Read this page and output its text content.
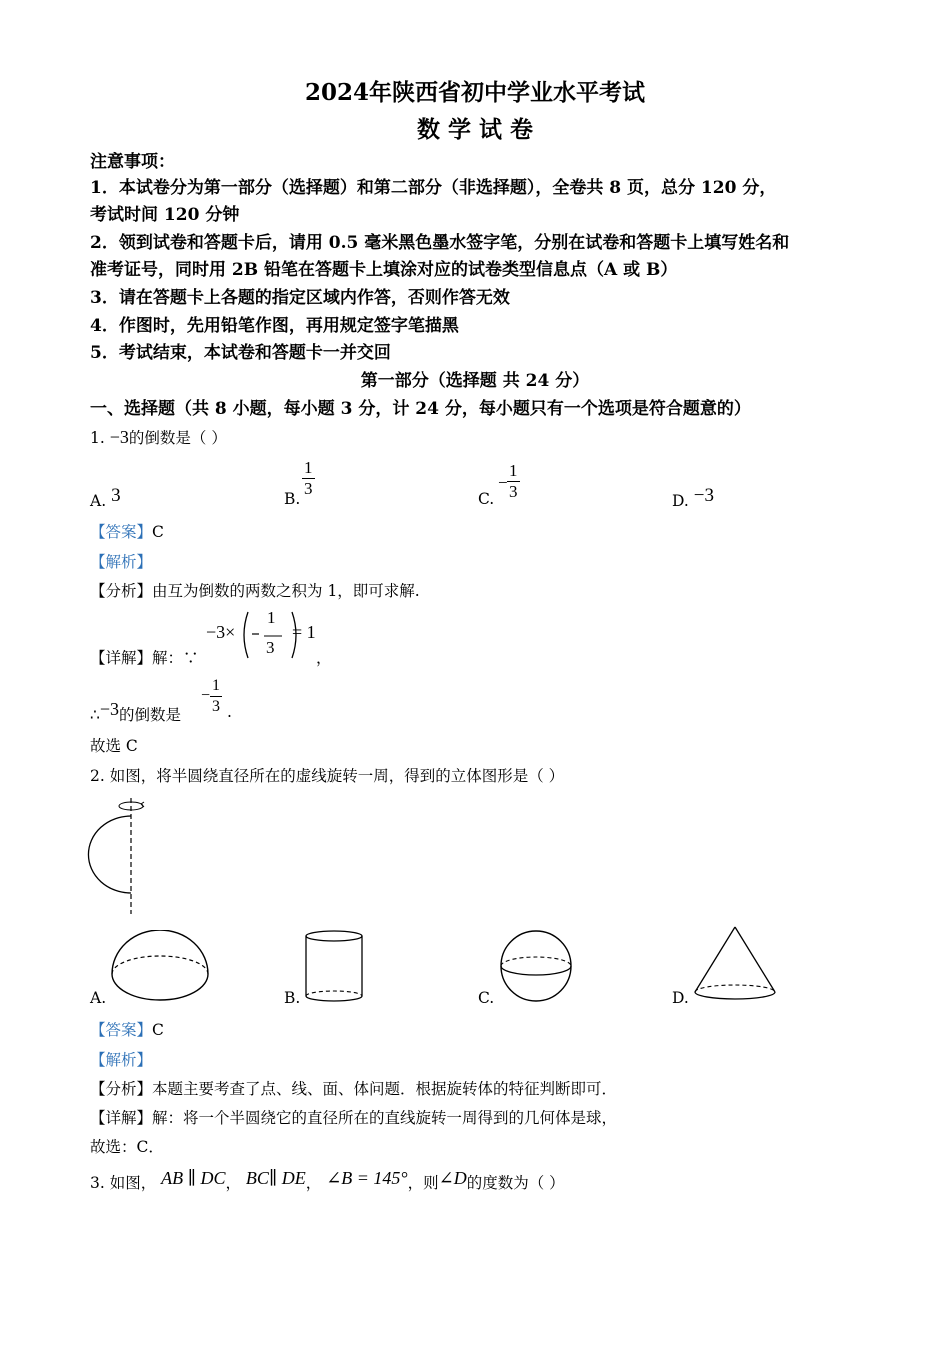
2024年陕西省初中学业水平考试
数 学 试 卷
注意事项：
1．本试卷分为第一部分（选择题）和第二部分（非选择题），全卷共 8 页，总分 120 分，
考试时间 120 分钟
2．领到试卷和答题卡后，请用 0.5 毫米黑色墨水签字笔，分别在试卷和答题卡上填写姓名和
准考证号，同时用 2B 铅笔在答题卡上填涂对应的试卷类型信息点（A 或 B）
3．请在答题卡上各题的指定区域内作答，否则作答无效
4．作图时，先用铅笔作图，再用规定签字笔描黑
5．考试结束，本试卷和答题卡一并交回
第一部分（选择题 共 24 分）
一、选择题（共 8 小题，每小题 3 分，计 24 分，每小题只有一个选项是符合题意的）
1. −3的倒数是（ ）
A. 3	B. $\frac{1}{3}$	C.
− $\frac{1}{3}$	D. −3
【答案】C
【解析】
【分析】由互为倒数的两数之积为 1，即可求解.
【详解】解：∵
−3×
1
3
= 1
，
∴−3的倒数是
− $\frac{1}{3}$ .
故选 C
2. 如图，将半圆绕直径所在的虚线旋转一周，得到的立体图形是（ ）
A.	B.	C.	D.
【答案】C
【解析】
【分析】本题主要考查了点、线、面、体问题．根据旋转体的特征判断即可．
【详解】解：将一个半圆绕它的直径所在的直线旋转一周得到的几何体是球，
故选：C．
3. 如图， AB ∥ DC， BC∥ DE， ∠B = 145°，则∠D的度数为（ ）
